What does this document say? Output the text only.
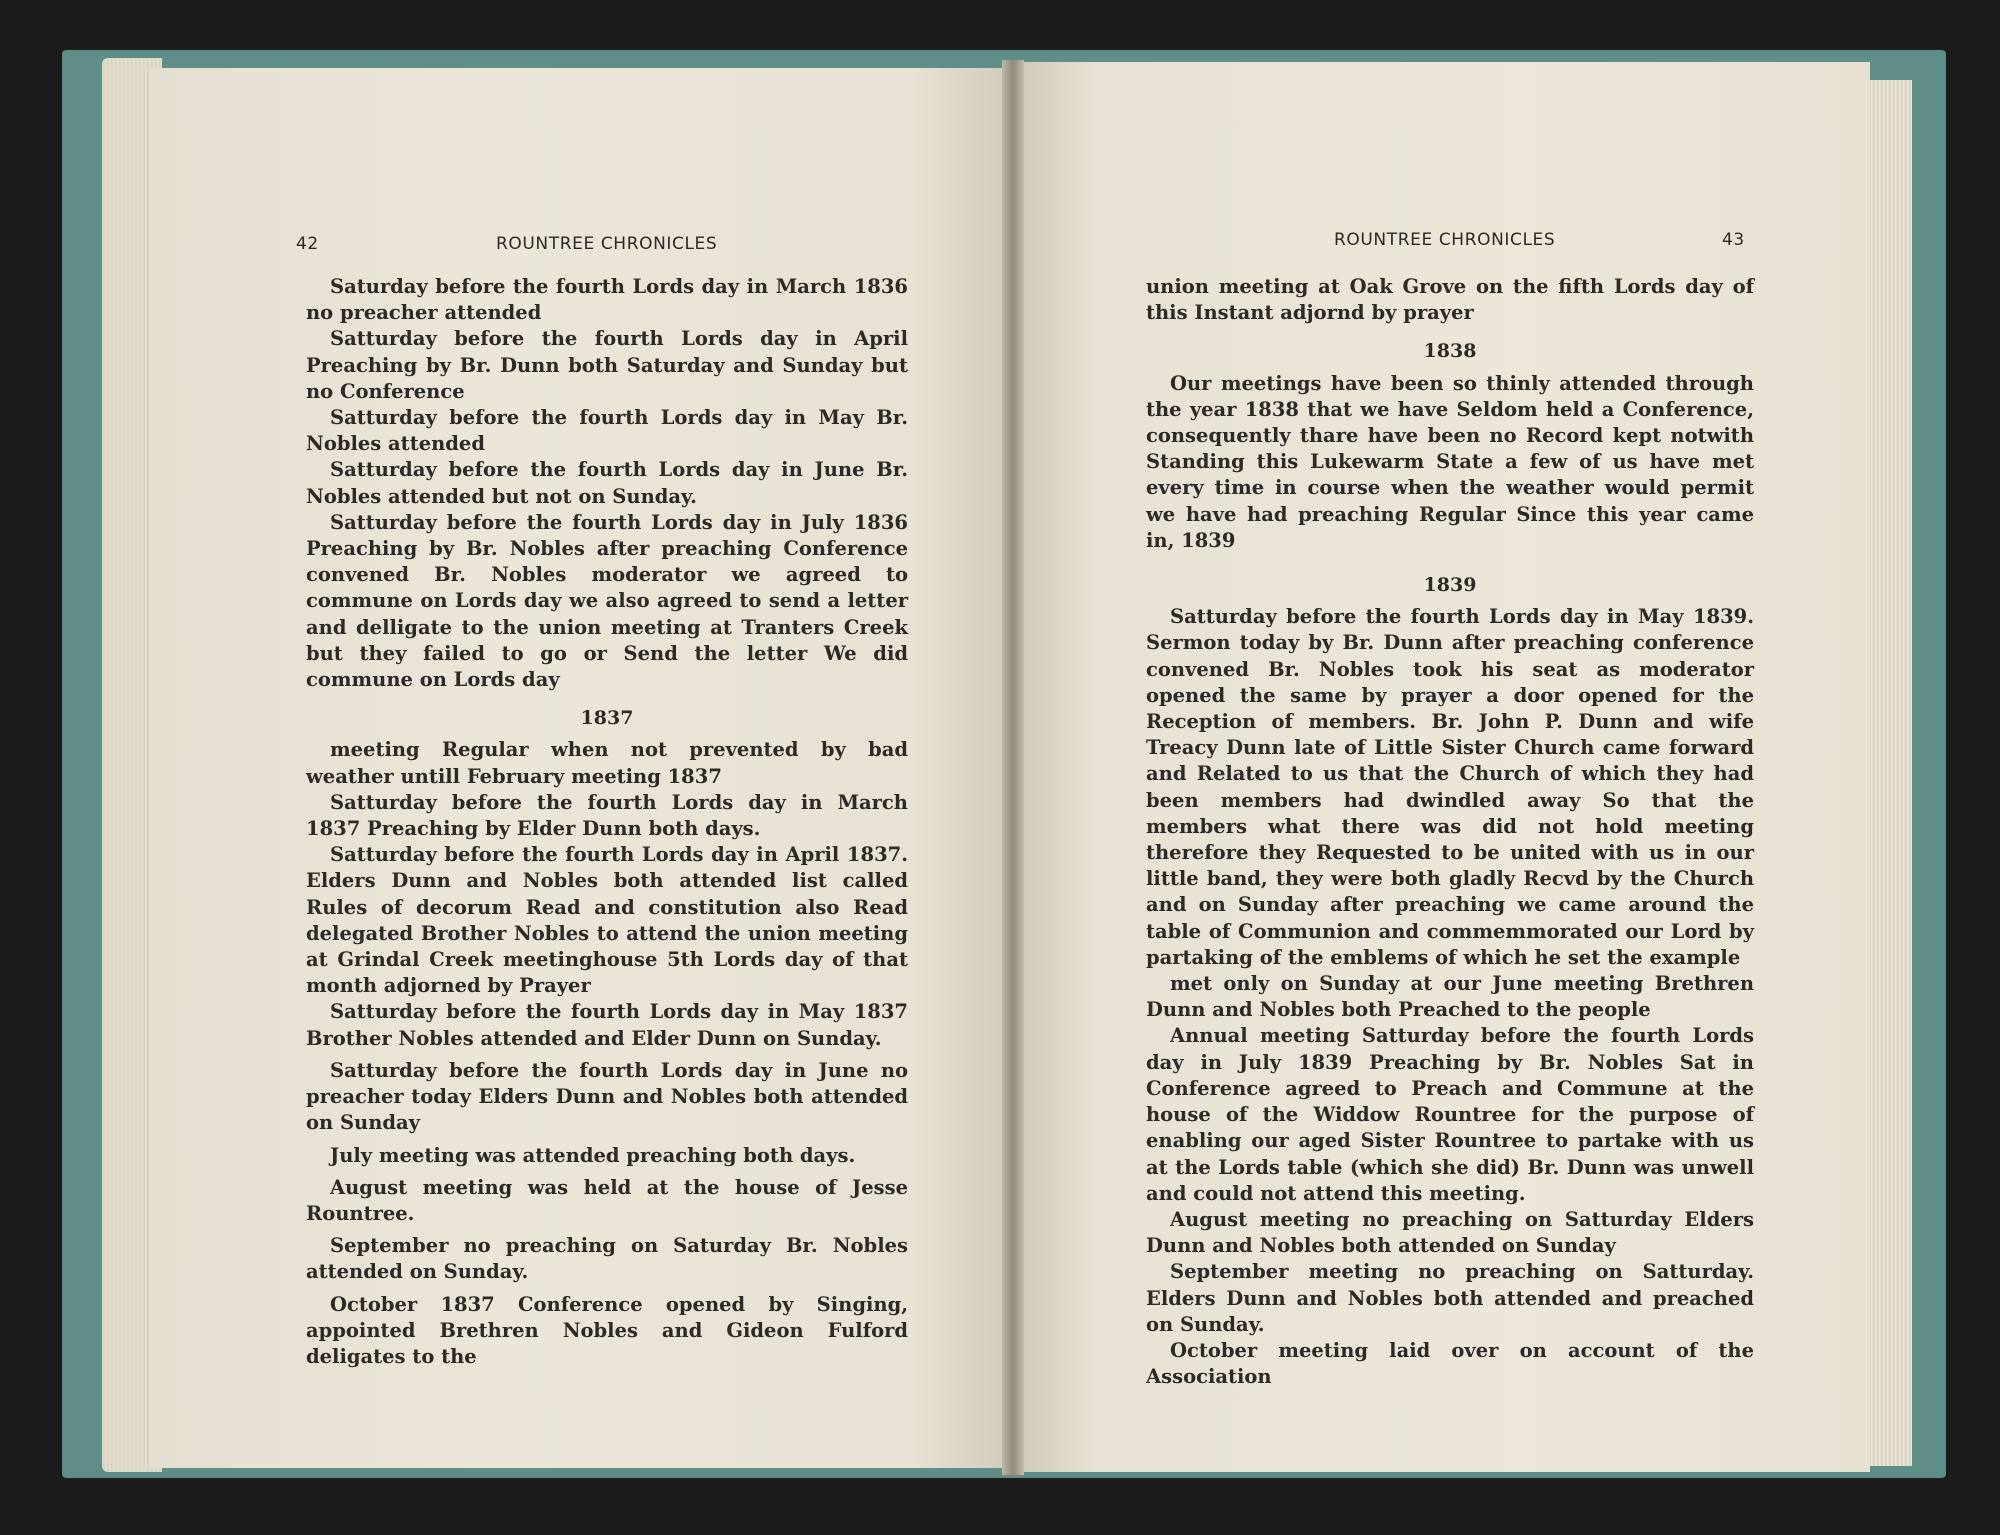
42	ROUNTREE CHRONICLES

Saturday before the fourth Lords day in March 1836 no preacher attended

Satturday before the fourth Lords day in April Preaching by Br. Dunn both Saturday and Sunday but no Conference

Satturday before the fourth Lords day in May Br. Nobles attended

Satturday before the fourth Lords day in June Br. Nobles attended but not on Sunday.

Satturday before the fourth Lords day in July 1836 Preaching by Br. Nobles after preaching Conference convened Br. Nobles moderator we agreed to commune on Lords day we also agreed to send a letter and delligate to the union meeting at Tranters Creek but they failed to go or Send the letter We did commune on Lords day

1837

meeting Regular when not prevented by bad weather untill February meeting 1837

Satturday before the fourth Lords day in March 1837 Preaching by Elder Dunn both days.

Satturday before the fourth Lords day in April 1837. Elders Dunn and Nobles both attended list called Rules of decorum Read and constitution also Read delegated Brother Nobles to attend the union meeting at Grindal Creek meetinghouse 5th Lords day of that month adjorned by Prayer

Satturday before the fourth Lords day in May 1837 Brother Nobles attended and Elder Dunn on Sunday.

Satturday before the fourth Lords day in June no preacher today Elders Dunn and Nobles both attended on Sunday

July meeting was attended preaching both days.

August meeting was held at the house of Jesse Rountree.

September no preaching on Saturday Br. Nobles attended on Sunday.

October 1837 Conference opened by Singing, appointed Brethren Nobles and Gideon Fulford deligates to the

ROUNTREE CHRONICLES	43

union meeting at Oak Grove on the fifth Lords day of this Instant adjornd by prayer

1838

Our meetings have been so thinly attended through the year 1838 that we have Seldom held a Conference, consequently thare have been no Record kept notwith Standing this Lukewarm State a few of us have met every time in course when the weather would permit we have had preaching Regular Since this year came in, 1839

1839

Satturday before the fourth Lords day in May 1839. Sermon today by Br. Dunn after preaching conference convened Br. Nobles took his seat as moderator opened the same by prayer a door opened for the Reception of members. Br. John P. Dunn and wife Treacy Dunn late of Little Sister Church came forward and Related to us that the Church of which they had been members had dwindled away So that the members what there was did not hold meeting therefore they Requested to be united with us in our little band, they were both gladly Recvd by the Church and on Sunday after preaching we came around the table of Communion and commemmorated our Lord by partaking of the emblems of which he set the example

met only on Sunday at our June meeting Brethren Dunn and Nobles both Preached to the people

Annual meeting Satturday before the fourth Lords day in July 1839 Preaching by Br. Nobles Sat in Conference agreed to Preach and Commune at the house of the Widdow Rountree for the purpose of enabling our aged Sister Rountree to partake with us at the Lords table (which she did) Br. Dunn was unwell and could not attend this meeting.

August meeting no preaching on Satturday Elders Dunn and Nobles both attended on Sunday

September meeting no preaching on Satturday. Elders Dunn and Nobles both attended and preached on Sunday.

October meeting laid over on account of the Association
